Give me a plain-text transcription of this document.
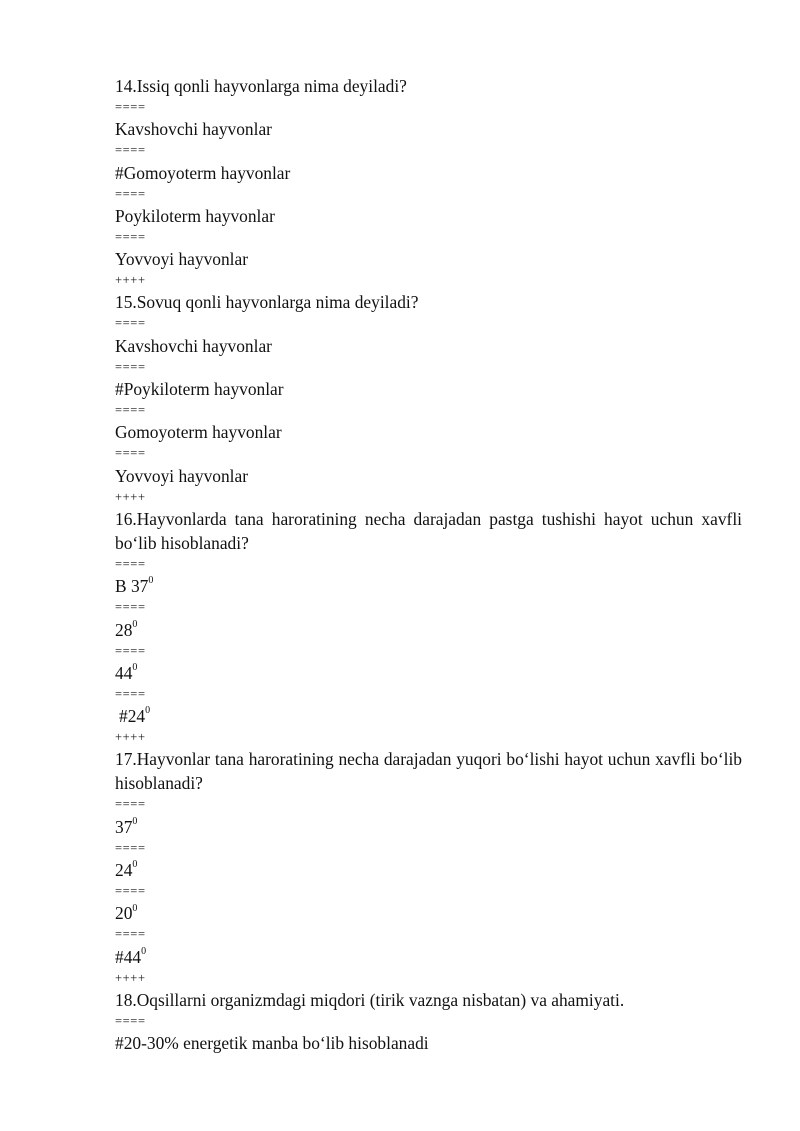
14.Issiq qonli hayvonlarga nima deyiladi?
====
Kavshovchi hayvonlar
====
#Gomoyoterm hayvonlar
====
Poykiloterm hayvonlar
====
Yovvoyi hayvonlar
++++
15.Sovuq qonli hayvonlarga nima deyiladi?
====
Kavshovchi hayvonlar
====
#Poykiloterm hayvonlar
====
Gomoyoterm hayvonlar
====
Yovvoyi hayvonlar
++++
16.Hayvonlarda tana haroratining necha darajadan pastga tushishi hayot uchun xavfli bo‘lib hisoblanadi?
====
B $37^0$
====
$28^0$
====
$44^0$
====
$\#24^0$
++++
17.Hayvonlar tana haroratining necha darajadan yuqori bo‘lishi hayot uchun xavfli bo‘lib hisoblanadi?
====
$37^0$
====
$24^0$
====
$20^0$
====
$\#44^0$
++++
18.Oqsillarni organizmdagi miqdori (tirik vaznga nisbatan) va ahamiyati.
====
#20-30% energetik manba bo‘lib hisoblanadi
